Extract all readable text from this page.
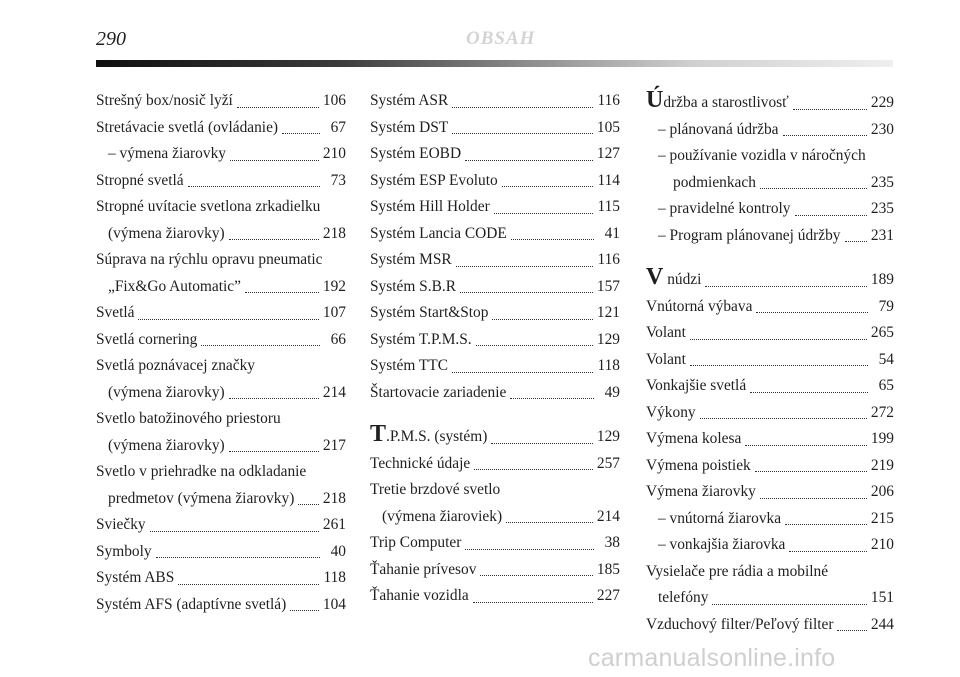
290	OBSAH
Strešný box/nosič lyží	106
Stretávacie svetlá (ovládanie)	67
– výmena žiarovky	210
Stropné svetlá	73
Stropné uvítacie svetlona zrkadielku
(výmena žiarovky)	218
Súprava na rýchlu opravu pneumatic
„Fix&Go Automatic”	192
Svetlá	107
Svetlá cornering	66
Svetlá poznávacej značky
(výmena žiarovky)	214
Svetlo batožinového priestoru
(výmena žiarovky)	217
Svetlo v priehradke na odkladanie
predmetov (výmena žiarovky) 218
Sviečky	261
Symboly	40
Systém ABS	118
Systém AFS (adaptívne svetlá) 104
Systém ASR	116
Systém DST	105
Systém EOBD	127
Systém ESP Evoluto	114
Systém Hill Holder	115
Systém Lancia CODE	41
Systém MSR	116
Systém S.B.R	157
Systém Start&Stop	121
Systém T.P.M.S.	129
Systém TTC	118
Štartovacie zariadenie	49
T.P.M.S. (systém)	129
Technické údaje	257
Tretie brzdové svetlo
(výmena žiaroviek)	214
Trip Computer	38
Ťahanie prívesov	185
Ťahanie vozidla	227
Údržba a starostlivosť	229
– plánovaná údržba	230
– používanie vozidla v náročných
podmienkach	235
– pravidelné kontroly	235
– Program plánovanej údržby 231
V núdzi	189
Vnútorná výbava	79
Volant	265
Volant	54
Vonkajšie svetlá	65
Výkony	272
Výmena kolesa	199
Výmena poistiek	219
Výmena žiarovky	206
– vnútorná žiarovka	215
– vonkajšia žiarovka	210
Vysielače pre rádia a mobilné
telefóny	151
Vzduchový filter/Peľový filter 244
carmanualsonline.info
